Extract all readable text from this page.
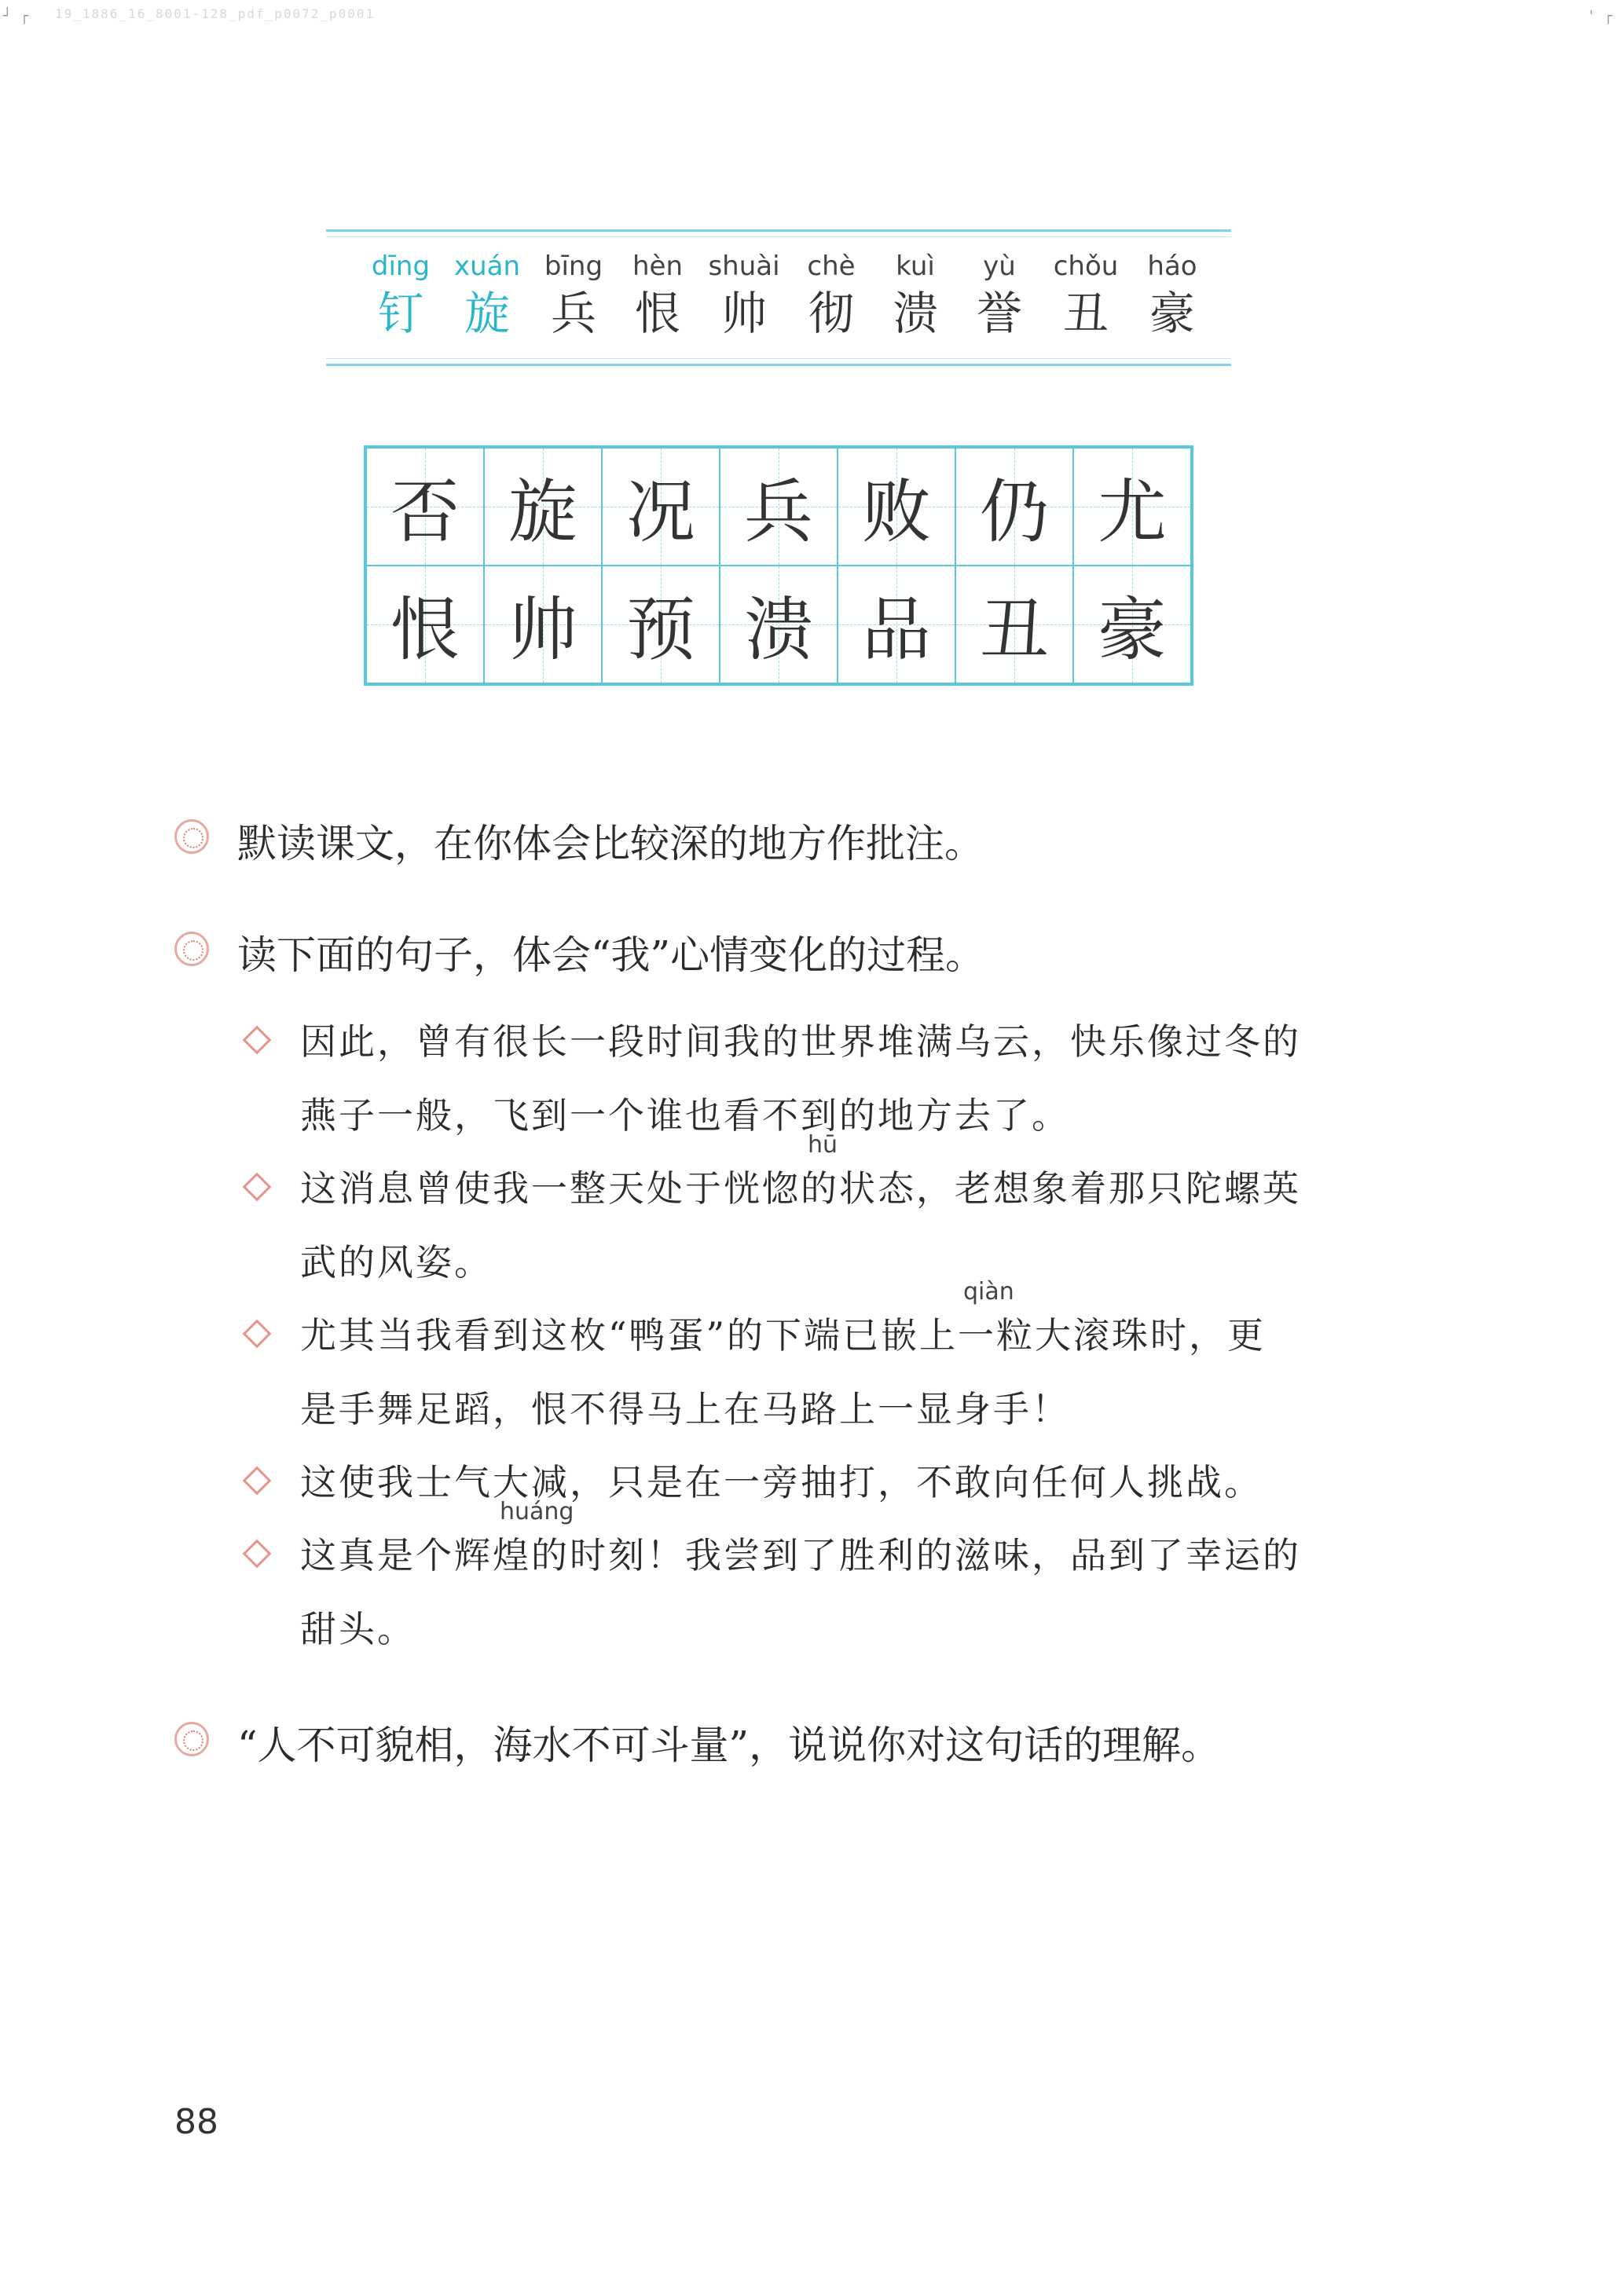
┘ ┌ 19_1886_16_8001-128_pdf_p0072_p0001	' ┌
dīng
钉
xuán
旋
bīng
兵
hèn
恨
shuài
帅
chè
彻
kuì
溃
yù
誉
chǒu
丑
háo
豪
否 旋 况 兵 败 仍 尤
恨 帅 预 溃 品 丑 豪
默读课文，在你体会比较深的地方作批注。
读下面的句子，体会“我”心情变化的过程。
因此，曾有很长一段时间我的世界堆满乌云，快乐像过冬的
燕子一般，飞到一个谁也看不到的地方去了。
hū
这消息曾使我一整天处于恍惚的状态，老想象着那只陀螺英
武的风姿。
qiàn
尤其当我看到这枚“鸭蛋”的下端已嵌上一粒大滚珠时，更
是手舞足蹈，恨不得马上在马路上一显身手！
这使我士气大减，只是在一旁抽打，不敢向任何人挑战。
huáng
这真是个辉煌的时刻！我尝到了胜利的滋味，品到了幸运的
甜头。
“人不可貌相，海水不可斗量”，说说你对这句话的理解。
88
